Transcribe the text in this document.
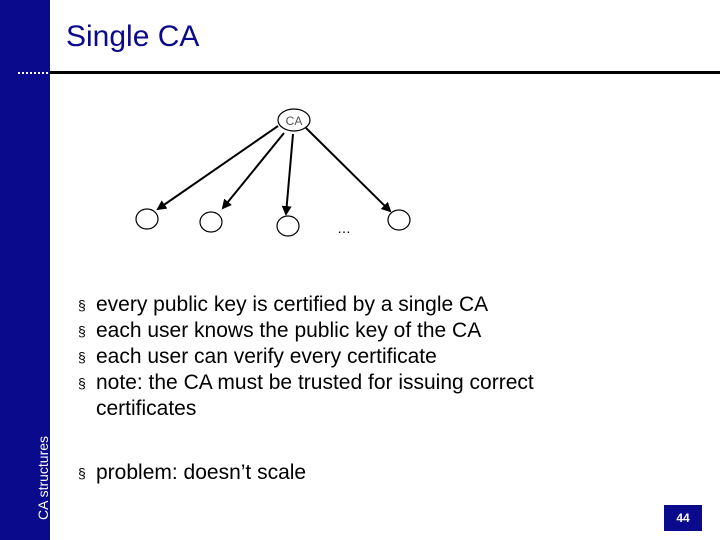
CA structures
Single CA
CA
…
§ every public key is certified by a single CA
§ each user knows the public key of the CA
§ each user can verify every certificate
§ note: the CA must be trusted for issuing correct certificates
§ problem: doesn’t scale
44
